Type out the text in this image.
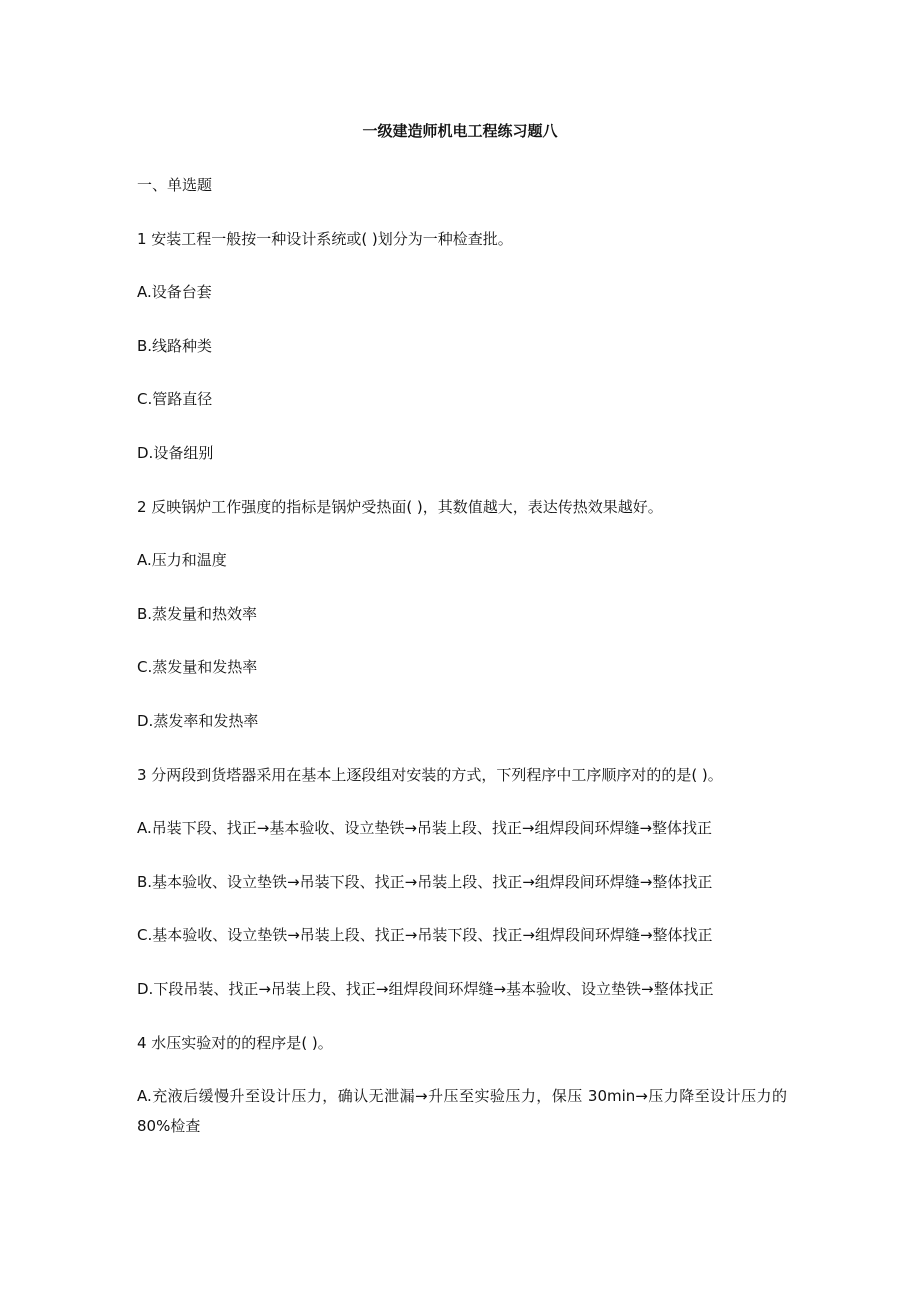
一级建造师机电工程练习题八

一、单选题

1 安装工程一般按一种设计系统或( )划分为一种检查批。

A.设备台套

B.线路种类

C.管路直径

D.设备组别

2 反映锅炉工作强度的指标是锅炉受热面( )，其数值越大，表达传热效果越好。

A.压力和温度

B.蒸发量和热效率

C.蒸发量和发热率

D.蒸发率和发热率

3 分两段到货塔器采用在基本上逐段组对安装的方式，下列程序中工序顺序对的的是( )。

A.吊装下段、找正→基本验收、设立垫铁→吊装上段、找正→组焊段间环焊缝→整体找正

B.基本验收、设立垫铁→吊装下段、找正→吊装上段、找正→组焊段间环焊缝→整体找正

C.基本验收、设立垫铁→吊装上段、找正→吊装下段、找正→组焊段间环焊缝→整体找正

D.下段吊装、找正→吊装上段、找正→组焊段间环焊缝→基本验收、设立垫铁→整体找正

4 水压实验对的的程序是( )。

A.充液后缓慢升至设计压力，确认无泄漏→升压至实验压力，保压 30min→压力降至设计压力的 80%检查
